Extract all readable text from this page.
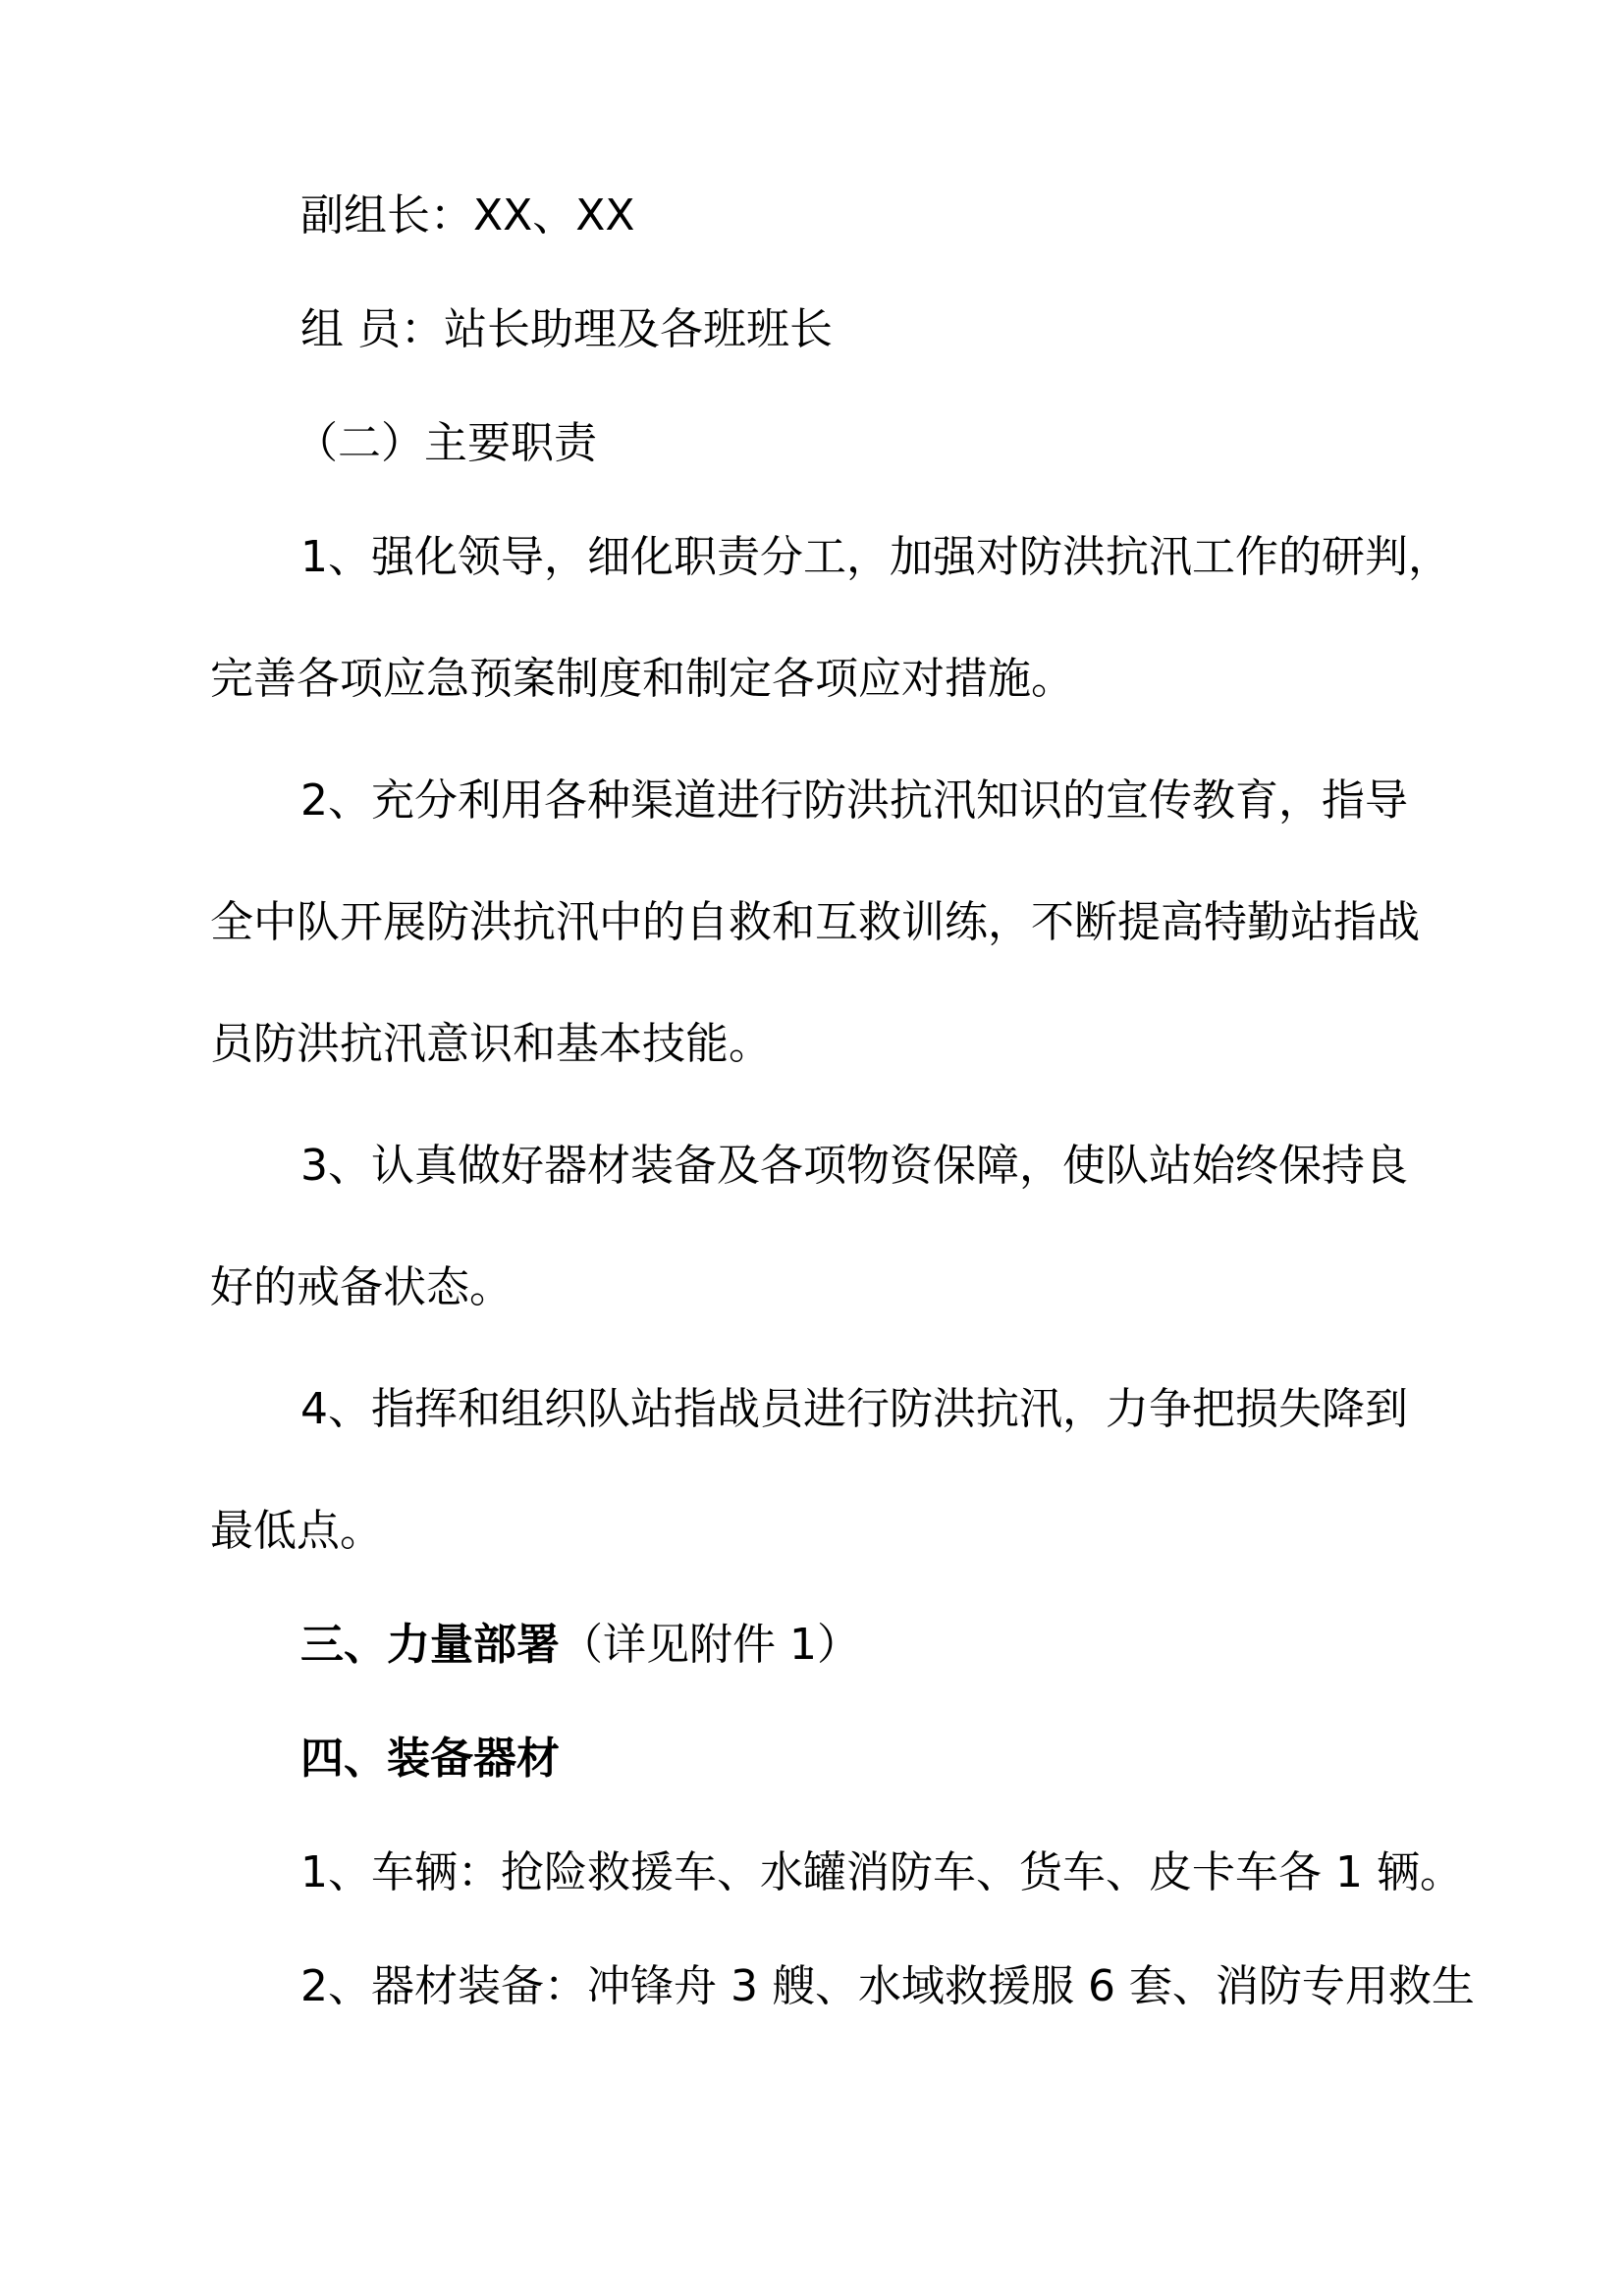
副组长：XX、XX
组 员：站长助理及各班班长
（二）主要职责
1、强化领导，细化职责分工，加强对防洪抗汛工作的研判，
完善各项应急预案制度和制定各项应对措施。
2、充分利用各种渠道进行防洪抗汛知识的宣传教育，指导
全中队开展防洪抗汛中的自救和互救训练，不断提高特勤站指战
员防洪抗汛意识和基本技能。
3、认真做好器材装备及各项物资保障，使队站始终保持良
好的戒备状态。
4、指挥和组织队站指战员进行防洪抗汛，力争把损失降到
最低点。
三、力量部署（详见附件 1）
四、装备器材
1、车辆：抢险救援车、水罐消防车、货车、皮卡车各 1 辆。
2、器材装备：冲锋舟 3 艘、水域救援服 6 套、消防专用救生
